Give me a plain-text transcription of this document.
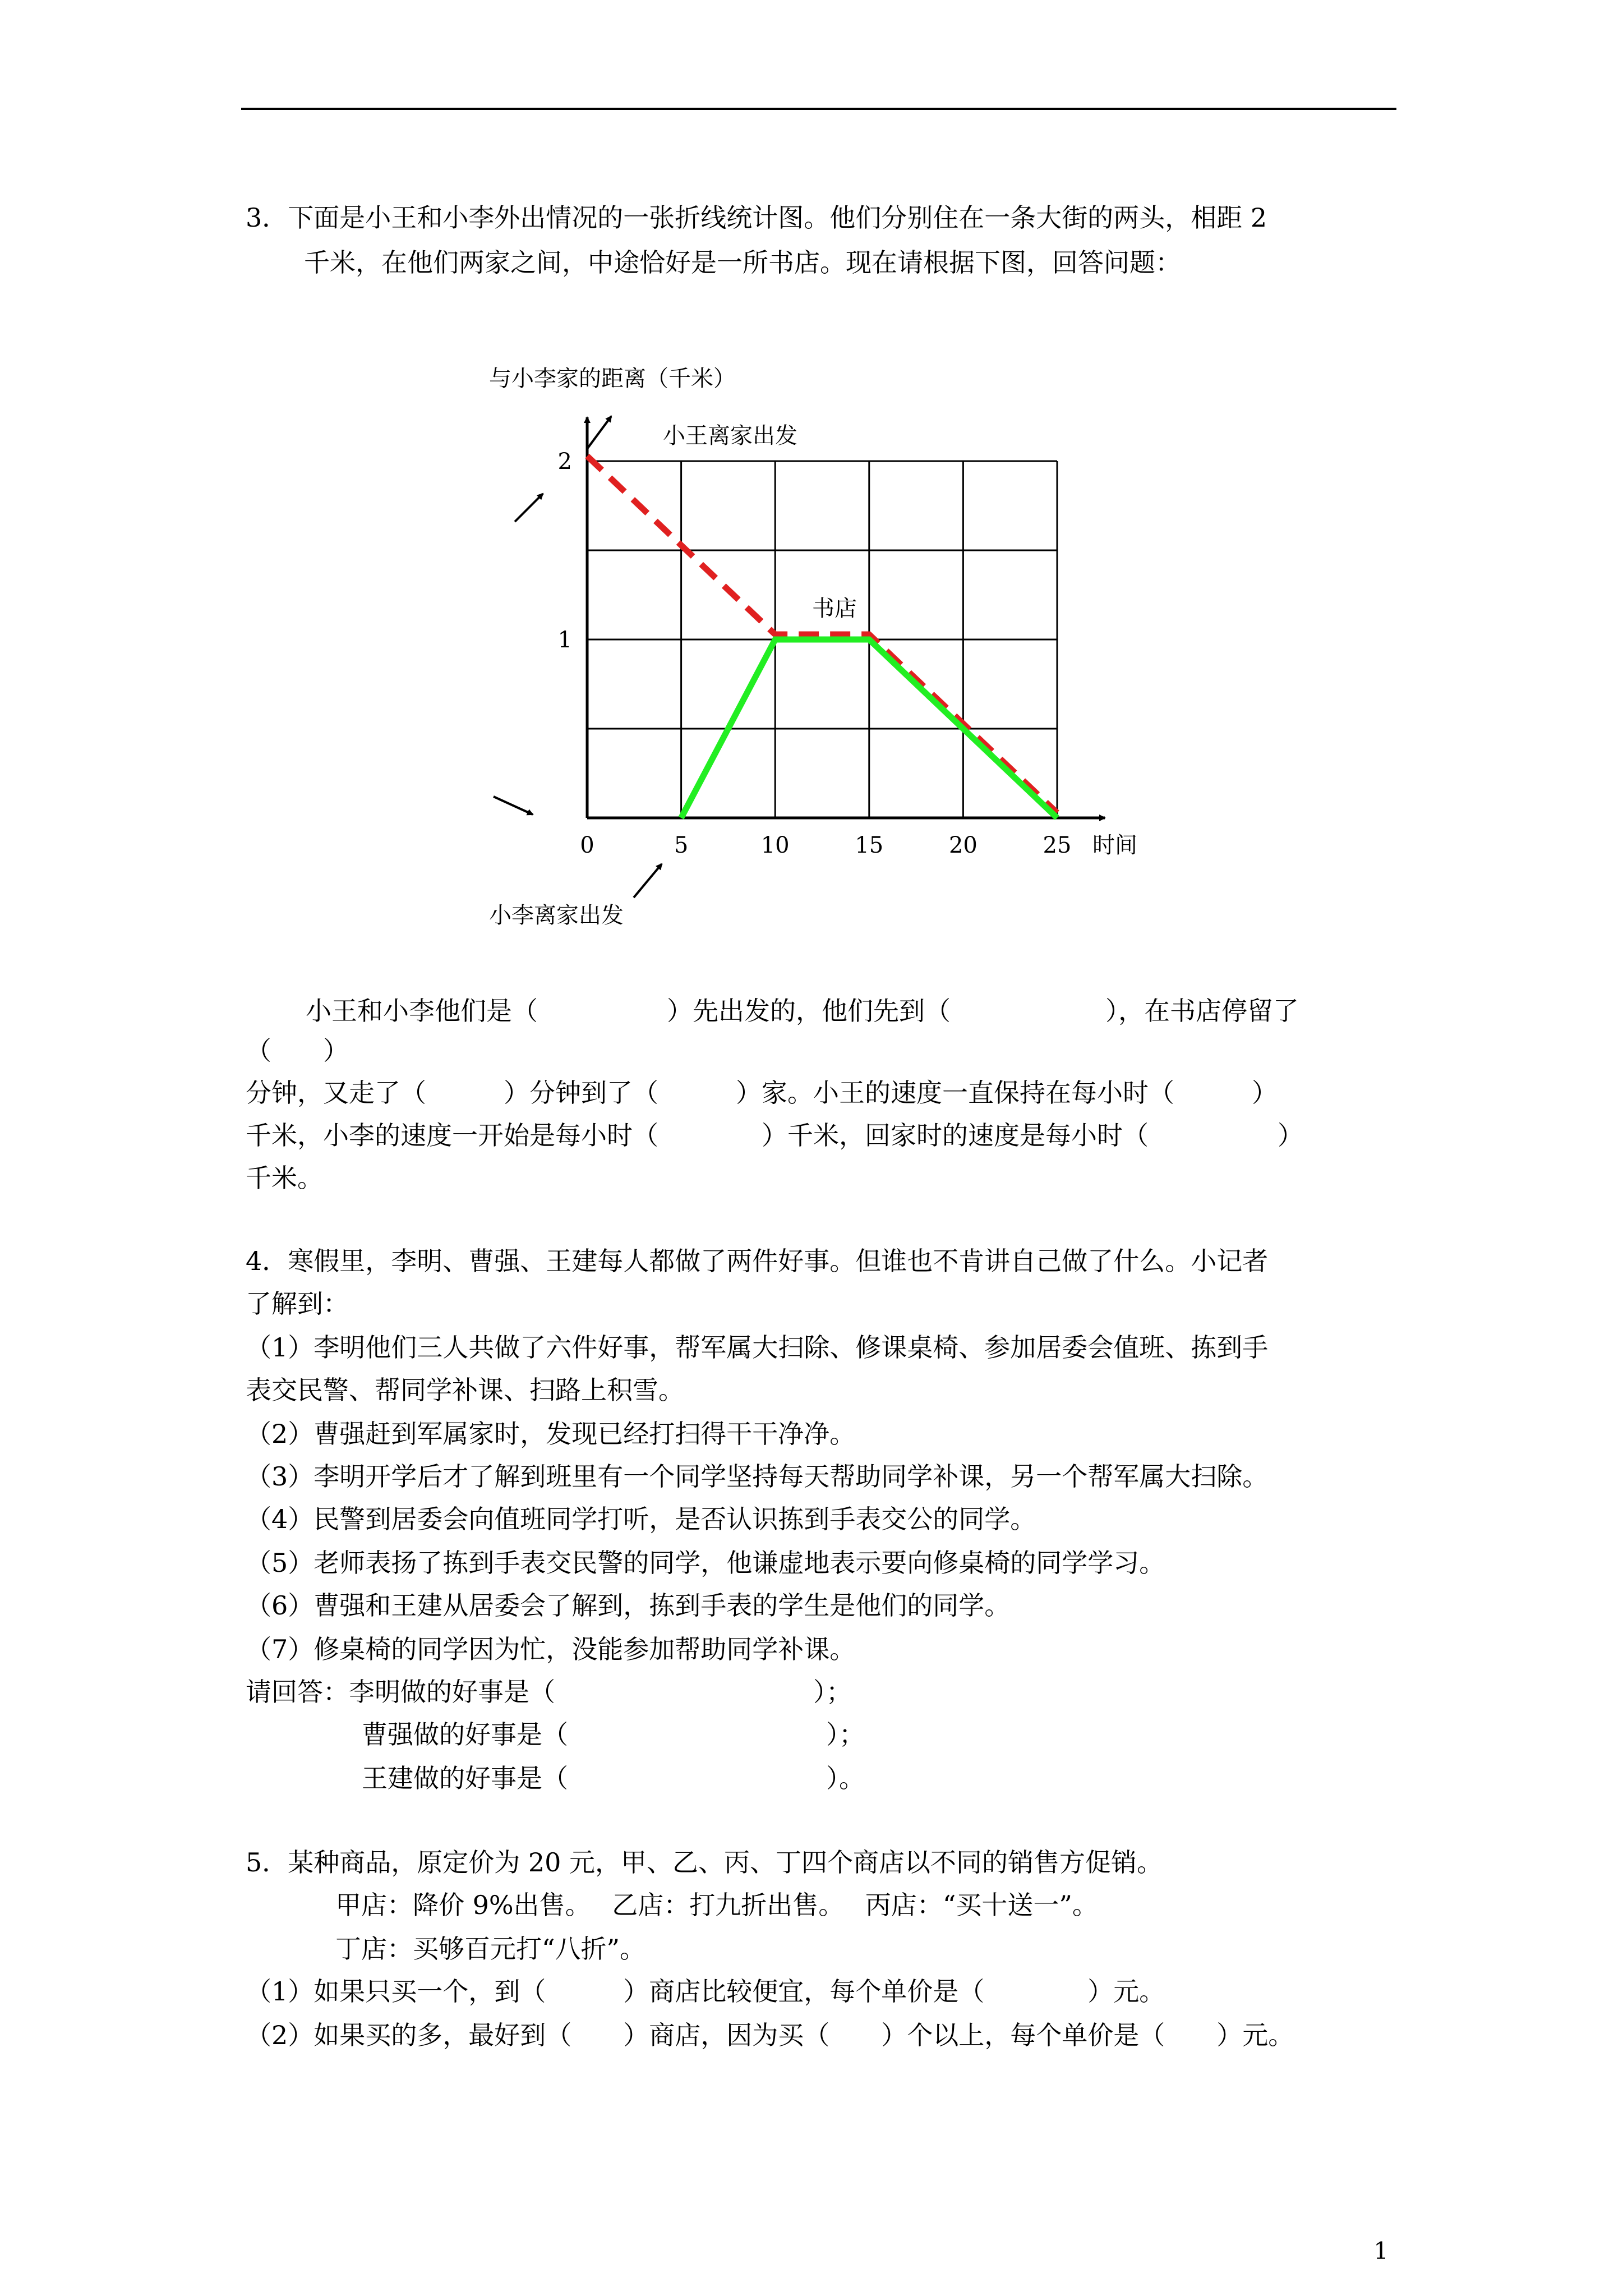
3．下面是小王和小李外出情况的一张折线统计图。他们分别住在一条大街的两头，相距 2
千米，在他们两家之间，中途恰好是一所书店。现在请根据下图，回答问题：
0	5	10	15	20	25
1
2
与小李家的距离（千米）
时间
小王离家出发
书店
小李离家出发
小王和小李他们是（　　　　　）先出发的，他们先到（　　　　　　），在书店停留了
（　　）
分钟，又走了（　　　）分钟到了（　　　）家。小王的速度一直保持在每小时（　　　）
千米，小李的速度一开始是每小时（　　　　）千米，回家时的速度是每小时（　　　　　）
千米。
4．寒假里，李明、曹强、王建每人都做了两件好事。但谁也不肯讲自己做了什么。小记者
了解到：
（1）李明他们三人共做了六件好事，帮军属大扫除、修课桌椅、参加居委会值班、拣到手
表交民警、帮同学补课、扫路上积雪。
（2）曹强赶到军属家时，发现已经打扫得干干净净。
（3）李明开学后才了解到班里有一个同学坚持每天帮助同学补课，另一个帮军属大扫除。
（4）民警到居委会向值班同学打听，是否认识拣到手表交公的同学。
（5）老师表扬了拣到手表交民警的同学，他谦虚地表示要向修桌椅的同学学习。
（6）曹强和王建从居委会了解到，拣到手表的学生是他们的同学。
（7）修桌椅的同学因为忙，没能参加帮助同学补课。
请回答：李明做的好事是（　　　　　　　　　　）；
曹强做的好事是（　　　　　　　　　　）；
王建做的好事是（　　　　　　　　　　）。
5．某种商品，原定价为 20 元，甲、乙、丙、丁四个商店以不同的销售方促销。
甲店：降价 9%出售。　 乙店：打九折出售。　 丙店：“买十送一”。
丁店：买够百元打“八折”。
（1）如果只买一个，到（　　　）商店比较便宜，每个单价是（　　　　）元。
（2）如果买的多，最好到（　　）商店，因为买（　　）个以上，每个单价是（　　）元。
1
